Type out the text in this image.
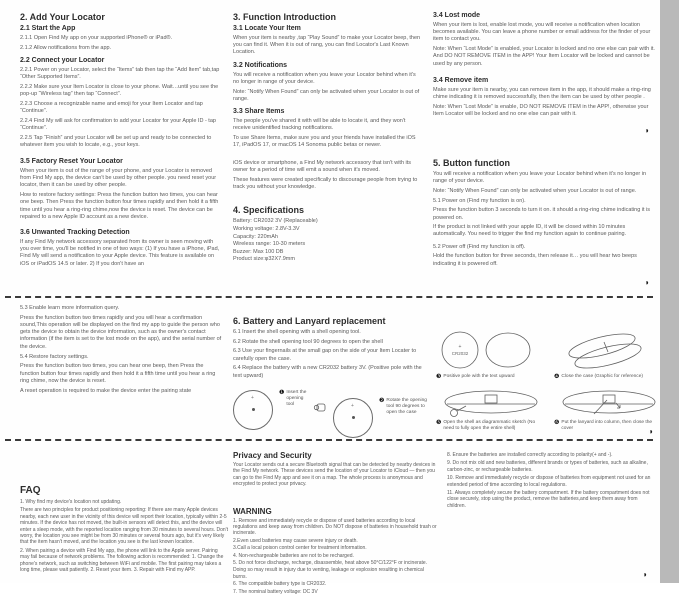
◑
◑
◑
◑
2. Add Your Locator
2.1 Start the App

2.1.1 Open Find My app on your supported iPhone® or iPad®.

2.1.2 Allow notifications from the app.

2.2 Connect your Locator

2.2.1 Power on your Locator, select the “Items” tab then tap the “Add Item” tab,tap “Other Supported Items”.

2.2.2 Make sure your Item Locator is close to your phone. Wait…until you see the pop-up “Wireless tag” then tap “Connect”.

2.2.3 Choose a recognizable name and emoji for your Item Locator and tap “Continue”.

2.2.4 Find My will ask for confirmation to add your Locator for your Apple ID - tap “Continue”.

2.2.5 Tap “Finish” and your Locator will be set up and ready to be connected to whatever item you wish to locate, e.g., your keys.

3. Function Introduction
3.1 Locate Your Item

When your item is nearby ,tap “Play Sound” to make your Locator beep, then you can find it. When it is out of rang, you can find Locator's Last Known Location.

3.2 Notifications

You will receive a notification when you leave your Locator behind when it's no longer in range of your device.

Note: “Notify When Found” can only be activated when your Locator is out of range.

3.3 Share Items

The people you've shared it with will be able to locate it, and they won't receive unidentified tracking notifications.

To use Share Items, make sure you and your friends have installed the iOS 17, iPadOS 17, or macOS 14 Sonoma public betas or newer.

3.4 Lost mode

When your item is lost, enable lost mode, you will receive a notification when location becomes available. You can leave a phone number or email address for the finder of your item to contact you.

Note: When “Lost Mode” is enabled, your Locator is locked and no one else can pair with it. And DO NOT REMOVE ITEM in the APP! Your Item Locator will be locked and cannot be used by any person.

3.4 Remove item

Make sure your item is nearby, you can remove item in the app, it should make a ring-ring chime indicating it is removed successfully, then the item can be used by other people .

Note: When “Lost Mode” is enable, DO NOT REMOVE ITEM in the APP!, otherwise your Item Locator will be locked and no one else can pair with it.

3.5 Factory Reset Your Locator

When your item is out of the range of your phone, and your Locator is removed from Find My app, the device can't be used by other people. you need reset your locator, then it can be used by other people.

How to restore factory settings: Press the function button two times, you can hear one beep. Then Press the function button four times rapidly and then hold it a fifth time until you hear a ring-ring chime,now the device is reset. The device can be repaired to a new Apple ID account as a new device.

3.6 Unwanted Tracking Detection

If any Find My network accessory separated from its owner is seen moving with you over time, you'll be notified in one of two ways: (1) If you have a iPhone, iPad, Find My will send a notification to your Apple device. This feature is available on iOS or iPadOS 14.5 or later. 2) If you don't have an

iOS device or smartphone, a Find My network accessory that isn't with its owner for a period of time will emit a sound when it's moved.

These features were created specifically to discourage people from trying to track you without your knowledge.

4. Specifications

Battery: CR2032 3V (Replaceable)

Working voltage: 2.8V-3.3V

Capacity: 220mAh

Wireless range: 10-30 meters

Buzzer: Max 100 DB

Product size:φ32X7.9mm

5. Button function

You will receive a notification when you leave your Locator behind when it's no longer in range of your device.

Note: “Notify When Found” can only be activated when your Locator is out of range.

5.1 Power on (Find my function is on).

Press the function button 3 seconds to turn it on. it should a ring-ring chime indicating it is powered on.

If the product is not linked with your apple ID, it will be closed within 10 minutes automatically. You need to trigger the find my function again to continue pairing.

5.2 Power off (Find my function is off).

Hold the function button for three seconds, then release it… you will hear two beeps indicating it is powered off.

5.3 Enable learn more information query.

Press the function button two times rapidly and you will hear a confirmation sound,This operation will be displayed on the find my app to guide the person who gets the device to obtain the device information, such as the owner's contact information (if the item is set to the lost mode on the app), and the serial number of the device.

5.4 Restore factory settings.

Press the function button two times, you can hear one beep, then Press the function button four times rapidly and then hold it a fifth time until you hear a ring ring chime, now the device is reset.

A reset operation is required to make the device enter the pairing state

6. Battery and Lanyard replacement

6.1 Insert the shell opening with a shell opening tool.

6.2 Rotate the shell opening tool 90 degrees to open the shell

6.3 Use your fingernails at the small gap on the side of your Item Locater to carefully open the case.

6.4 Replace the battery with a new CR2032 battery 3V. (Positive pole with the text upward)

+
❶ Insert the opening tool
+
❷ Rotate the opening tool 90 degrees to open the case
+
CR2032
❸ Positive pole with the text upward	❹ Close the case (Graphic for reference)
❺ Open the shell as diagrammatic sketch (No need to fully open the entire shell)
❻ Put the lanyard into column, then close the cover
FAQ

1. Why find my device's location not updating.

There are two principles for product positioning reporting: If there are many Apple devices nearby, each new user in the vicinity of this device will report their location, typically within 2-5 minutes. If the device has not moved, the built-in sensors will detect this, and the device will enter a sleep mode, with the reported location ranging from 30 minutes to several hours. Don't worry, the location you see might be from 30 minutes or several hours ago, but it's very likely that the item hasn't moved, and the location you see is the last known location.

2. When pairing a device with Find My app, the phone will link to the Apple server. Pairing may fail because of network problems. The following action is recommended: 1. Change the phone's network, such as switching between WiFi and mobile. The first pairing may takes a long time, please wait patiently. 2. Reset your item. 3. Repair with Find my APP.

Privacy and Security

Your Locator sends out a secure Bluetooth signal that can be detected by nearby devices in the Find My network. These devices send the location of your Locator to iCloud — then you can go to the Find My app and see it on a map. The whole process is anonymous and encrypted to protect your privacy.

WARNING

1. Remove and immediately recycle or dispose of used batteries according to local regulations and keep away from children. Do NOT dispose of batteries in household trash or incinerate.

2.Even used batteries may cause severe injury or death.

3.Call a local poison control center for treatment information.

4. Non-rechargeable batteries are not to be recharged.

5. Do not force discharge, recharge, disassemble, heat above 50°C/122°F or incinerate.

Doing so may result in injury due to venting, leakage or explosion resulting in chemical burns.

6. The compatible battery type is CR2032.

7. The nominal battery voltage: DC 3V

8. Ensure the batteries are installed correctly according to polarity(+ and -).

9. Do not mix old and new batteries, different brands or types of batteries, such as alkaline, carbon-zinc, or rechargeable batteries.

10. Remove and immediately recycle or dispose of batteries from equipment not used for an extended period of time according to local regulations.

11. Always completely secure the battery compartment. If the battery compartment does not close securely, stop using the product, remove the batteries,and keep them away from children.
